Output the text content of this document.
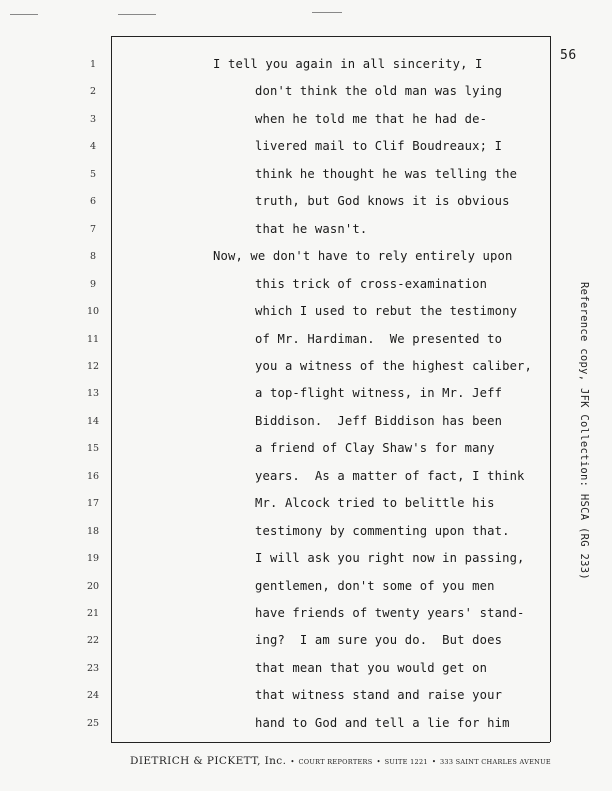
56
1	I tell you again in all sincerity, I
2	don't think the old man was lying
3	when he told me that he had de-
4	livered mail to Clif Boudreaux; I
5	think he thought he was telling the
6	truth, but God knows it is obvious
7	that he wasn't.
8	Now, we don't have to rely entirely upon
9	this trick of cross-examination
10	which I used to rebut the testimony
11	of Mr. Hardiman.  We presented to
12	you a witness of the highest caliber,
13	a top-flight witness, in Mr. Jeff
14	Biddison.  Jeff Biddison has been
15	a friend of Clay Shaw's for many
16	years.  As a matter of fact, I think
17	Mr. Alcock tried to belittle his
18	testimony by commenting upon that.
19	I will ask you right now in passing,
20	gentlemen, don't some of you men
21	have friends of twenty years' stand-
22	ing?  I am sure you do.  But does
23	that mean that you would get on
24	that witness stand and raise your
25	hand to God and tell a lie for him
DIETRICH & PICKETT, Inc. • COURT REPORTERS • SUITE 1221 • 333 SAINT CHARLES AVENUE
Reference copy, JFK Collection: HSCA (RG 233)
